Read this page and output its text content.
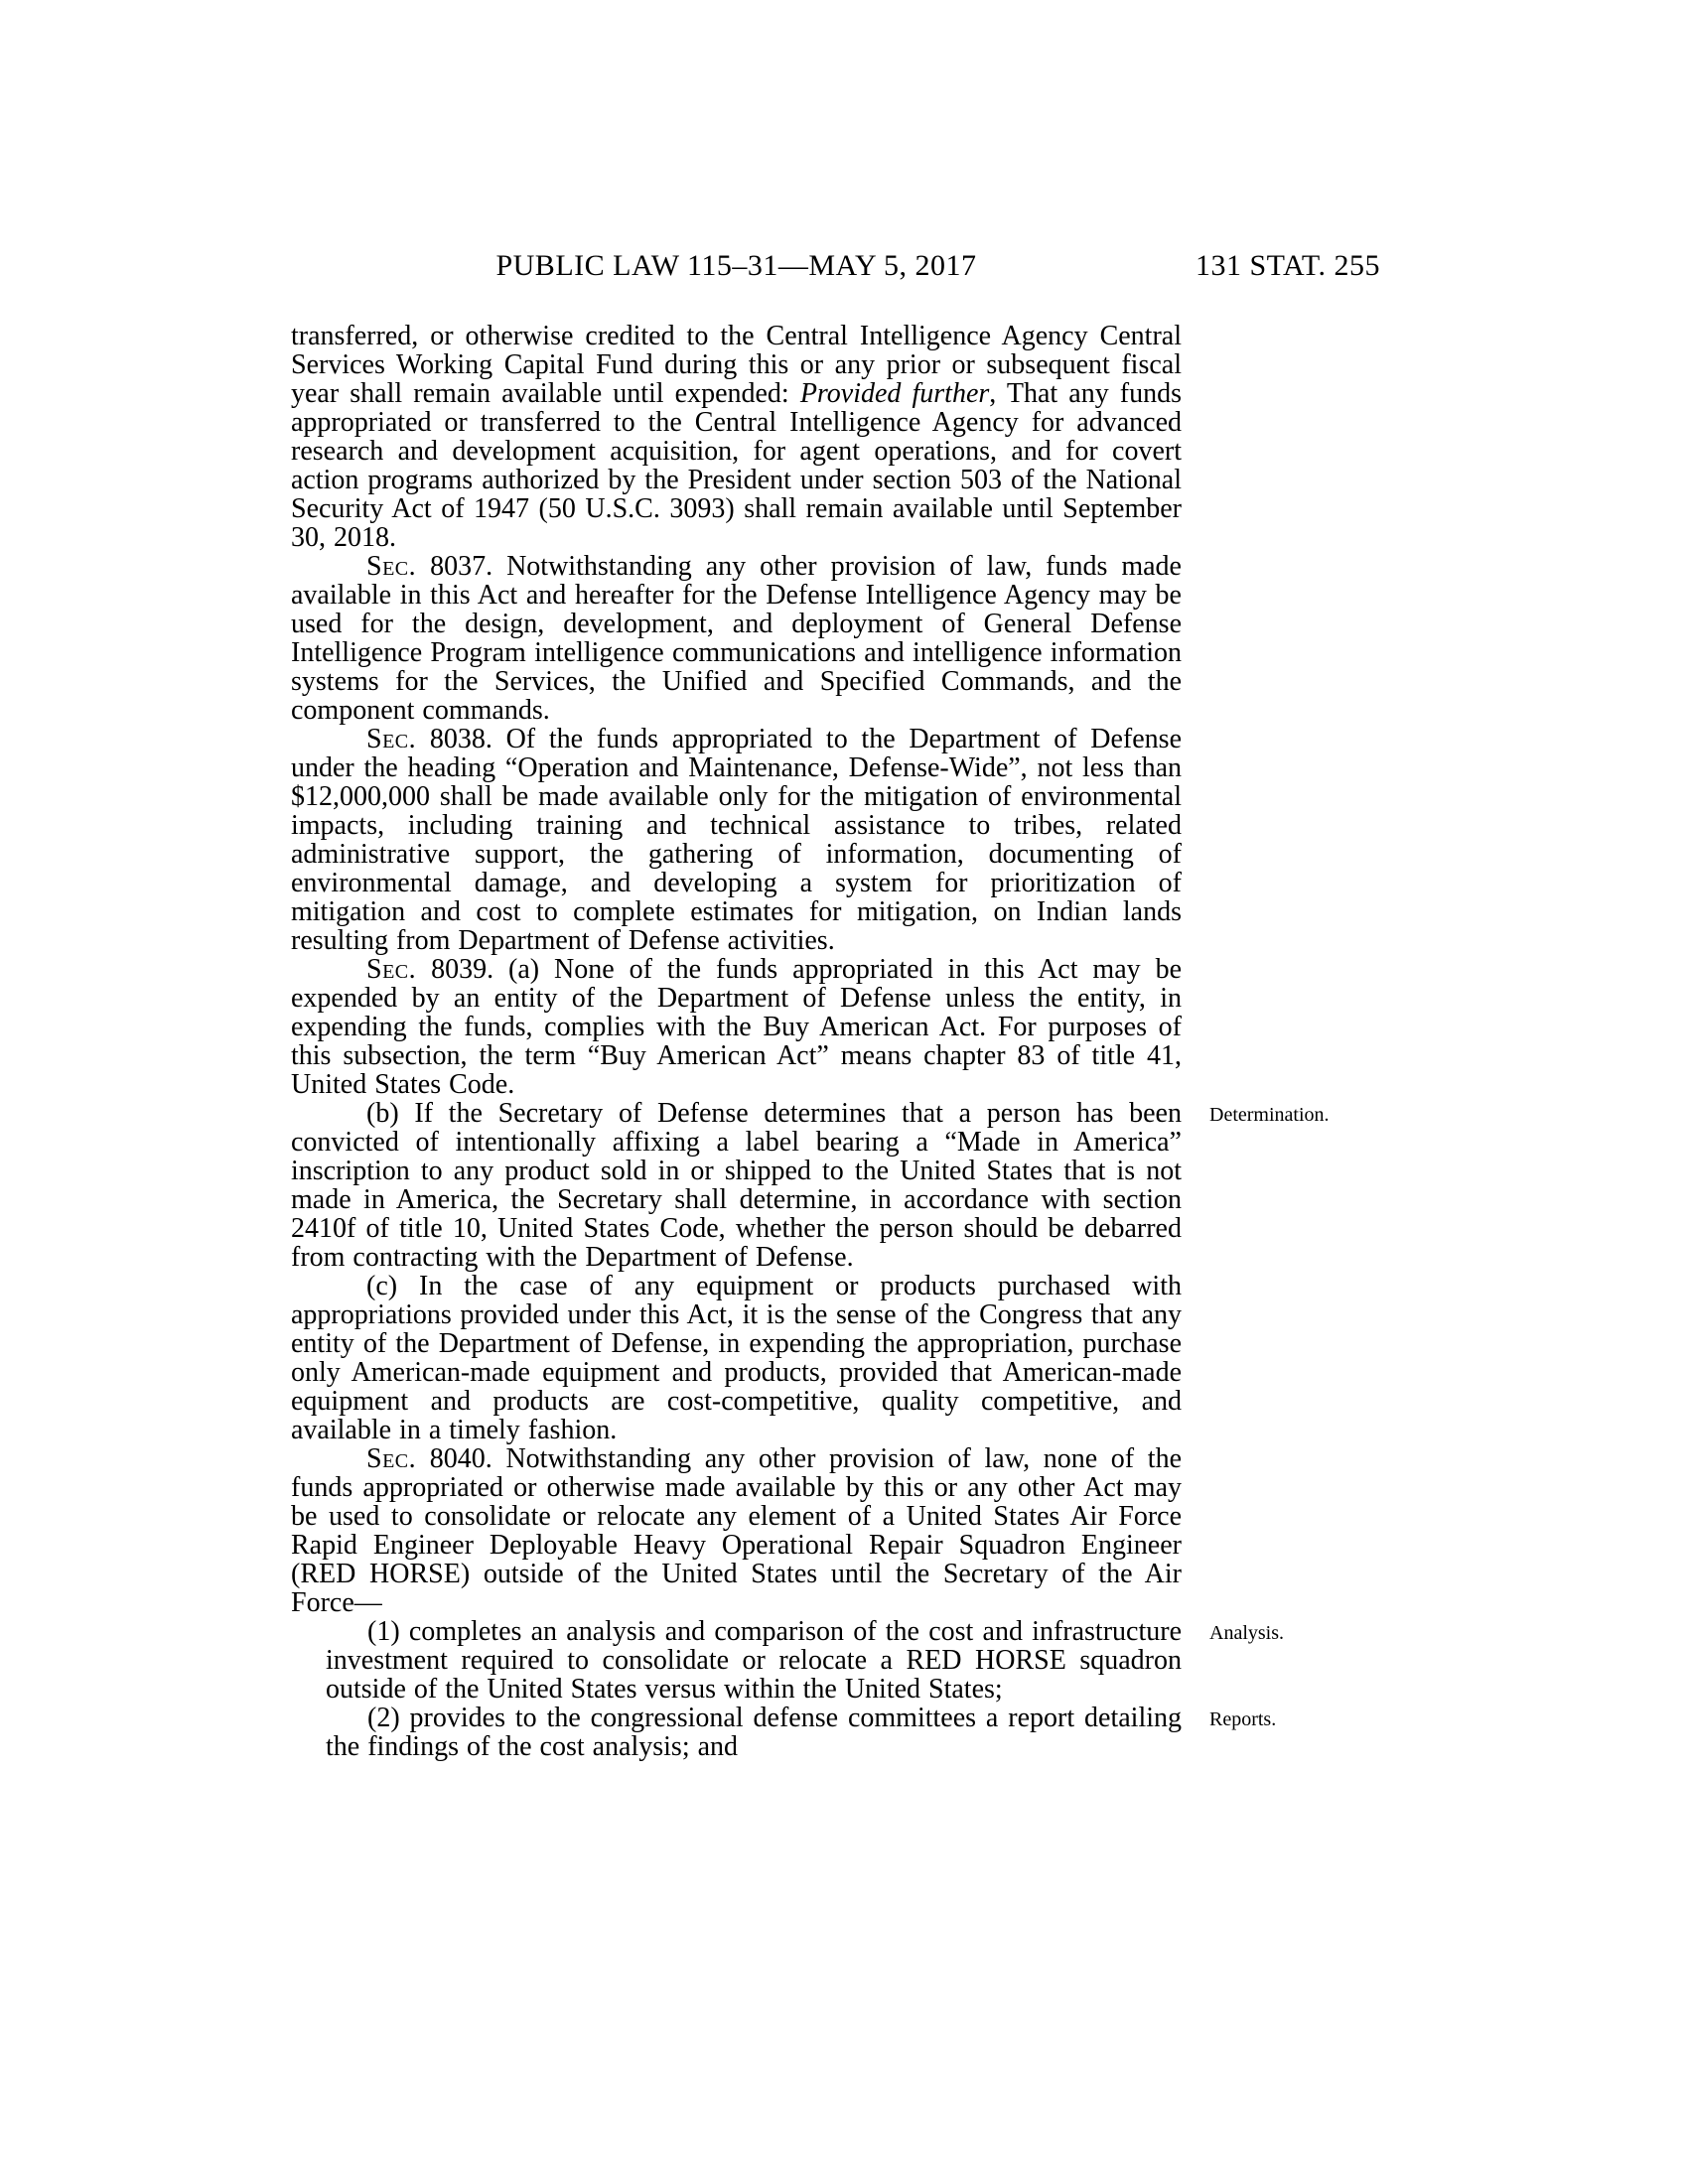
PUBLIC LAW 115–31—MAY 5, 2017	131 STAT. 255

transferred, or otherwise credited to the Central Intelligence Agency Central Services Working Capital Fund during this or any prior or subsequent fiscal year shall remain available until expended: Provided further, That any funds appropriated or transferred to the Central Intelligence Agency for advanced research and development acquisition, for agent operations, and for covert action programs authorized by the President under section 503 of the National Security Act of 1947 (50 U.S.C. 3093) shall remain available until September 30, 2018.

Sec. 8037. Notwithstanding any other provision of law, funds made available in this Act and hereafter for the Defense Intelligence Agency may be used for the design, development, and deployment of General Defense Intelligence Program intelligence communications and intelligence information systems for the Services, the Unified and Specified Commands, and the component commands.

Sec. 8038. Of the funds appropriated to the Department of Defense under the heading “Operation and Maintenance, Defense-Wide”, not less than $12,000,000 shall be made available only for the mitigation of environmental impacts, including training and technical assistance to tribes, related administrative support, the gathering of information, documenting of environmental damage, and developing a system for prioritization of mitigation and cost to complete estimates for mitigation, on Indian lands resulting from Department of Defense activities.

Sec. 8039. (a) None of the funds appropriated in this Act may be expended by an entity of the Department of Defense unless the entity, in expending the funds, complies with the Buy American Act. For purposes of this subsection, the term “Buy American Act” means chapter 83 of title 41, United States Code.

(b) If the Secretary of Defense determines that a person has been convicted of intentionally affixing a label bearing a “Made in America” inscription to any product sold in or shipped to the United States that is not made in America, the Secretary shall determine, in accordance with section 2410f of title 10, United States Code, whether the person should be debarred from contracting with the Department of Defense.
Determination.

(c) In the case of any equipment or products purchased with appropriations provided under this Act, it is the sense of the Congress that any entity of the Department of Defense, in expending the appropriation, purchase only American-made equipment and products, provided that American-made equipment and products are cost-competitive, quality competitive, and available in a timely fashion.

Sec. 8040. Notwithstanding any other provision of law, none of the funds appropriated or otherwise made available by this or any other Act may be used to consolidate or relocate any element of a United States Air Force Rapid Engineer Deployable Heavy Operational Repair Squadron Engineer (RED HORSE) outside of the United States until the Secretary of the Air Force—

(1) completes an analysis and comparison of the cost and infrastructure investment required to consolidate or relocate a RED HORSE squadron outside of the United States versus within the United States;
Analysis.

(2) provides to the congressional defense committees a report detailing the findings of the cost analysis; and
Reports.
